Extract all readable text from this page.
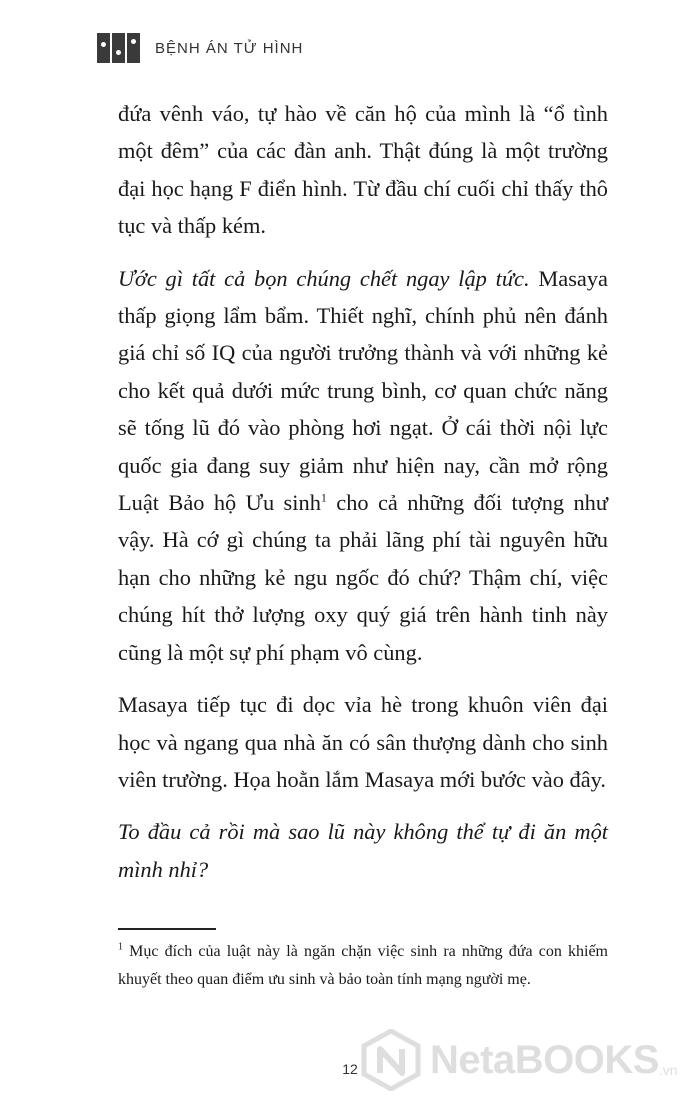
BỆNH ÁN TỬ HÌNH

đứa vênh váo, tự hào về căn hộ của mình là “ổ tình một đêm” của các đàn anh. Thật đúng là một trường đại học hạng F điển hình. Từ đầu chí cuối chỉ thấy thô tục và thấp kém.

Ước gì tất cả bọn chúng chết ngay lập tức. Masaya thấp giọng lẩm bẩm. Thiết nghĩ, chính phủ nên đánh giá chỉ số IQ của người trưởng thành và với những kẻ cho kết quả dưới mức trung bình, cơ quan chức năng sẽ tống lũ đó vào phòng hơi ngạt. Ở cái thời nội lực quốc gia đang suy giảm như hiện nay, cần mở rộng Luật Bảo hộ Ưu $\sinh^1$ cho cả những đối tượng như vậy. Hà cớ gì chúng ta phải lãng phí tài nguyên hữu hạn cho những kẻ ngu ngốc đó chứ? Thậm chí, việc chúng hít thở lượng oxy quý giá trên hành tinh này cũng là một sự phí phạm vô cùng.

Masaya tiếp tục đi dọc vỉa hè trong khuôn viên đại học và ngang qua nhà ăn có sân thượng dành cho sinh viên trường. Họa hoằn lắm Masaya mới bước vào đây.

To đầu cả rồi mà sao lũ này không thể tự đi ăn một mình nhỉ?

$^1$ Mục đích của luật này là ngăn chặn việc sinh ra những đứa con khiếm khuyết theo quan điểm ưu sinh và bảo toàn tính mạng người mẹ.

12	NetaBOOKS .vn
